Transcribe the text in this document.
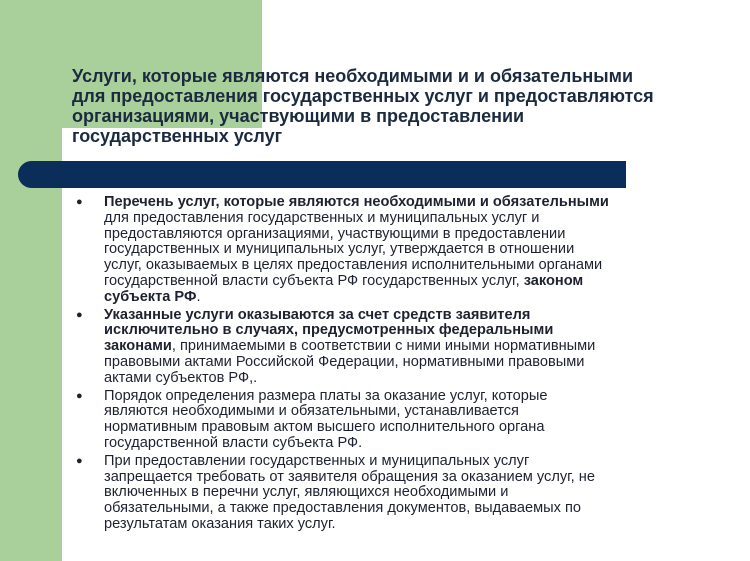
Услуги, которые являются необходимыми и и обязательными
для предоставления государственных услуг и предоставляются
организациями, участвующими в предоставлении
государственных услуг
● Перечень услуг, которые являются необходимыми и обязательными
для предоставления государственных и муниципальных услуг и
предоставляются организациями, участвующими в предоставлении
государственных и муниципальных услуг, утверждается в отношении
услуг, оказываемых в целях предоставления исполнительными органами
государственной власти субъекта РФ государственных услуг, законом
субъекта РФ.
● Указанные услуги оказываются за счет средств заявителя
исключительно в случаях, предусмотренных федеральными
законами, принимаемыми в соответствии с ними иными нормативными
правовыми актами Российской Федерации, нормативными правовыми
актами субъектов РФ,.
● Порядок определения размера платы за оказание услуг, которые
являются необходимыми и обязательными, устанавливается
нормативным правовым актом высшего исполнительного органа
государственной власти субъекта РФ.
● При предоставлении государственных и муниципальных услуг
запрещается требовать от заявителя обращения за оказанием услуг, не
включенных в перечни услуг, являющихся необходимыми и
обязательными, а также предоставления документов, выдаваемых по
результатам оказания таких услуг.
